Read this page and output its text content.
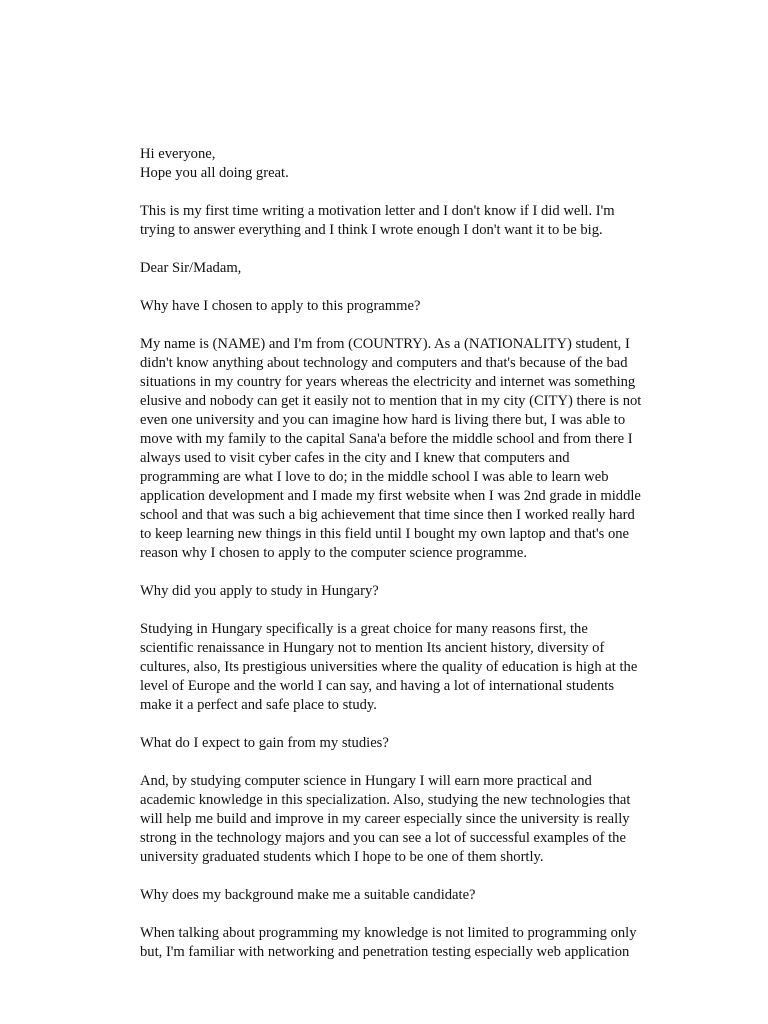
Hi everyone,
Hope you all doing great.

This is my first time writing a motivation letter and I don't know if I did well. I'm
trying to answer everything and I think I wrote enough I don't want it to be big.

Dear Sir/Madam,

Why have I chosen to apply to this programme?

My name is (NAME) and I'm from (COUNTRY). As a (NATIONALITY) student, I
didn't know anything about technology and computers and that's because of the bad
situations in my country for years whereas the electricity and internet was something
elusive and nobody can get it easily not to mention that in my city (CITY) there is not
even one university and you can imagine how hard is living there but, I was able to
move with my family to the capital Sana'a before the middle school and from there I
always used to visit cyber cafes in the city and I knew that computers and
programming are what I love to do; in the middle school I was able to learn web
application development and I made my first website when I was 2nd grade in middle
school and that was such a big achievement that time since then I worked really hard
to keep learning new things in this field until I bought my own laptop and that's one
reason why I chosen to apply to the computer science programme.

Why did you apply to study in Hungary?

Studying in Hungary specifically is a great choice for many reasons first, the
scientific renaissance in Hungary not to mention Its ancient history, diversity of
cultures, also, Its prestigious universities where the quality of education is high at the
level of Europe and the world I can say, and having a lot of international students
make it a perfect and safe place to study.

What do I expect to gain from my studies?

And, by studying computer science in Hungary I will earn more practical and
academic knowledge in this specialization. Also, studying the new technologies that
will help me build and improve in my career especially since the university is really
strong in the technology majors and you can see a lot of successful examples of the
university graduated students which I hope to be one of them shortly.

Why does my background make me a suitable candidate?

When talking about programming my knowledge is not limited to programming only
but, I'm familiar with networking and penetration testing especially web application
